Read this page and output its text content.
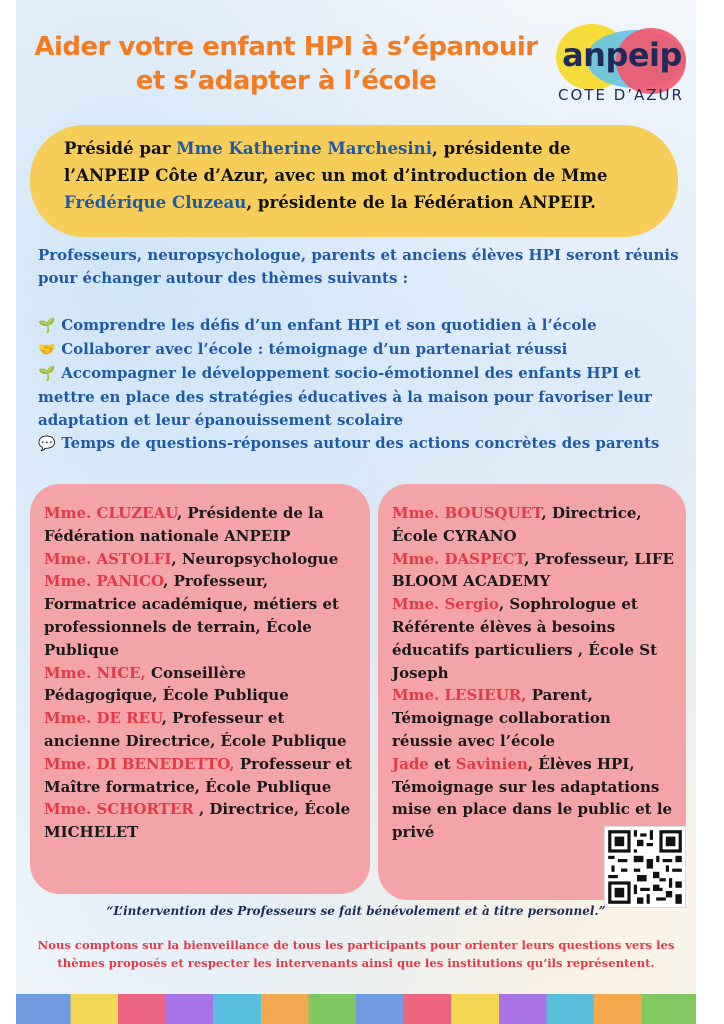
Aider votre enfant HPI à s’épanouir
et s’adapter à l’école
anpeip
COTE D’AZUR
Présidé par Mme Katherine Marchesini, présidente de l’ANPEIP Côte d’Azur, avec un mot d’introduction de Mme Frédérique Cluzeau, présidente de la Fédération ANPEIP.
Professeurs, neuropsychologue, parents et anciens élèves HPI seront réunis pour échanger autour des thèmes suivants :

🌱 Comprendre les défis d’un enfant HPI et son quotidien à l’école

🤝 Collaborer avec l’école : témoignage d’un partenariat réussi

🌱 Accompagner le développement socio-émotionnel des enfants HPI et mettre en place des stratégies éducatives à la maison pour favoriser leur adaptation et leur épanouissement scolaire

💬 Temps de questions-réponses autour des actions concrètes des parents

Mme. CLUZEAU, Présidente de la Fédération nationale ANPEIP

Mme. ASTOLFI, Neuropsychologue

Mme. PANICO, Professeur, Formatrice académique, métiers et professionnels de terrain, École Publique

Mme. NICE, Conseillère Pédagogique, École Publique

Mme. DE REU, Professeur et ancienne Directrice, École Publique

Mme. DI BENEDETTO, Professeur et Maître formatrice, École Publique

Mme. SCHORTER , Directrice, École MICHELET

Mme. BOUSQUET, Directrice, École CYRANO

Mme. DASPECT, Professeur, LIFE BLOOM ACADEMY

Mme. Sergio, Sophrologue et Référente élèves à besoins éducatifs particuliers , École St Joseph

Mme. LESIEUR, Parent, Témoignage collaboration réussie avec l’école

Jade et Savinien, Élèves HPI, Témoignage sur les adaptations mise en place dans le public et le privé

“L’intervention des Professeurs se fait bénévolement et à titre personnel.”
Nous comptons sur la bienveillance de tous les participants pour orienter leurs questions vers les thèmes proposés et respecter les intervenants ainsi que les institutions qu’ils représentent.
